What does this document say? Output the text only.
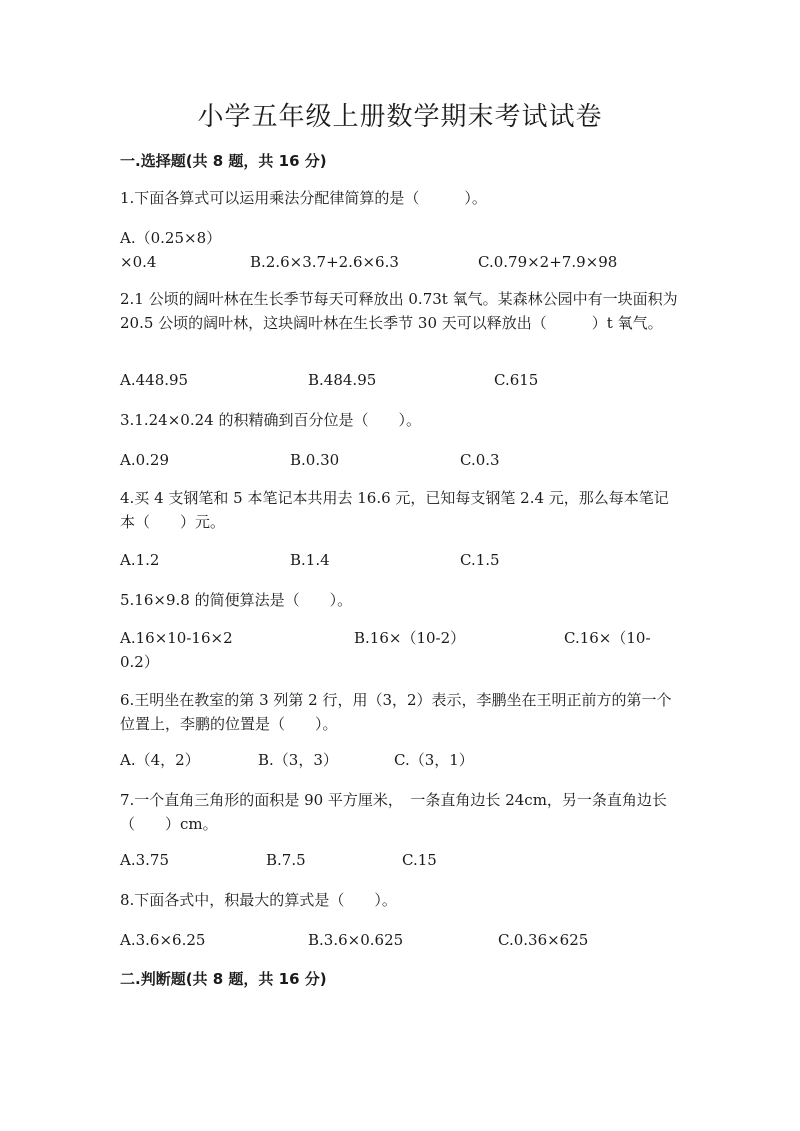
小学五年级上册数学期末考试试卷
一.选择题(共 8 题，共 16 分)
1.下面各算式可以运用乘法分配律简算的是（　　　）。
A.（0.25×8）×0.4	B.2.6×3.7+2.6×6.3	C.0.79×2+7.9×98
2.1 公顷的阔叶林在生长季节每天可释放出 0.73t 氧气。某森林公园中有一块面积为 20.5 公顷的阔叶林，这块阔叶林在生长季节 30 天可以释放出（　　　）t 氧气。
A.448.95	B.484.95	C.615
3.1.24×0.24 的积精确到百分位是（　　）。
A.0.29	B.0.30	C.0.3
4.买 4 支钢笔和 5 本笔记本共用去 16.6 元，已知每支钢笔 2.4 元，那么每本笔记本（　　）元。
A.1.2	B.1.4	C.1.5
5.16×9.8 的简便算法是（　　）。
A.16×10-16×2	B.16×（10-2）	C.16×（10-0.2）
6.王明坐在教室的第 3 列第 2 行，用（3，2）表示，李鹏坐在王明正前方的第一个位置上，李鹏的位置是（　　）。
A.（4，2）	B.（3，3）	C.（3，1）
7.一个直角三角形的面积是 90 平方厘米，　一条直角边长 24cm，另一条直角边长（　　）cm。
A.3.75	B.7.5	C.15
8.下面各式中，积最大的算式是（　　）。
A.3.6×6.25	B.3.6×0.625	C.0.36×625
二.判断题(共 8 题，共 16 分)
